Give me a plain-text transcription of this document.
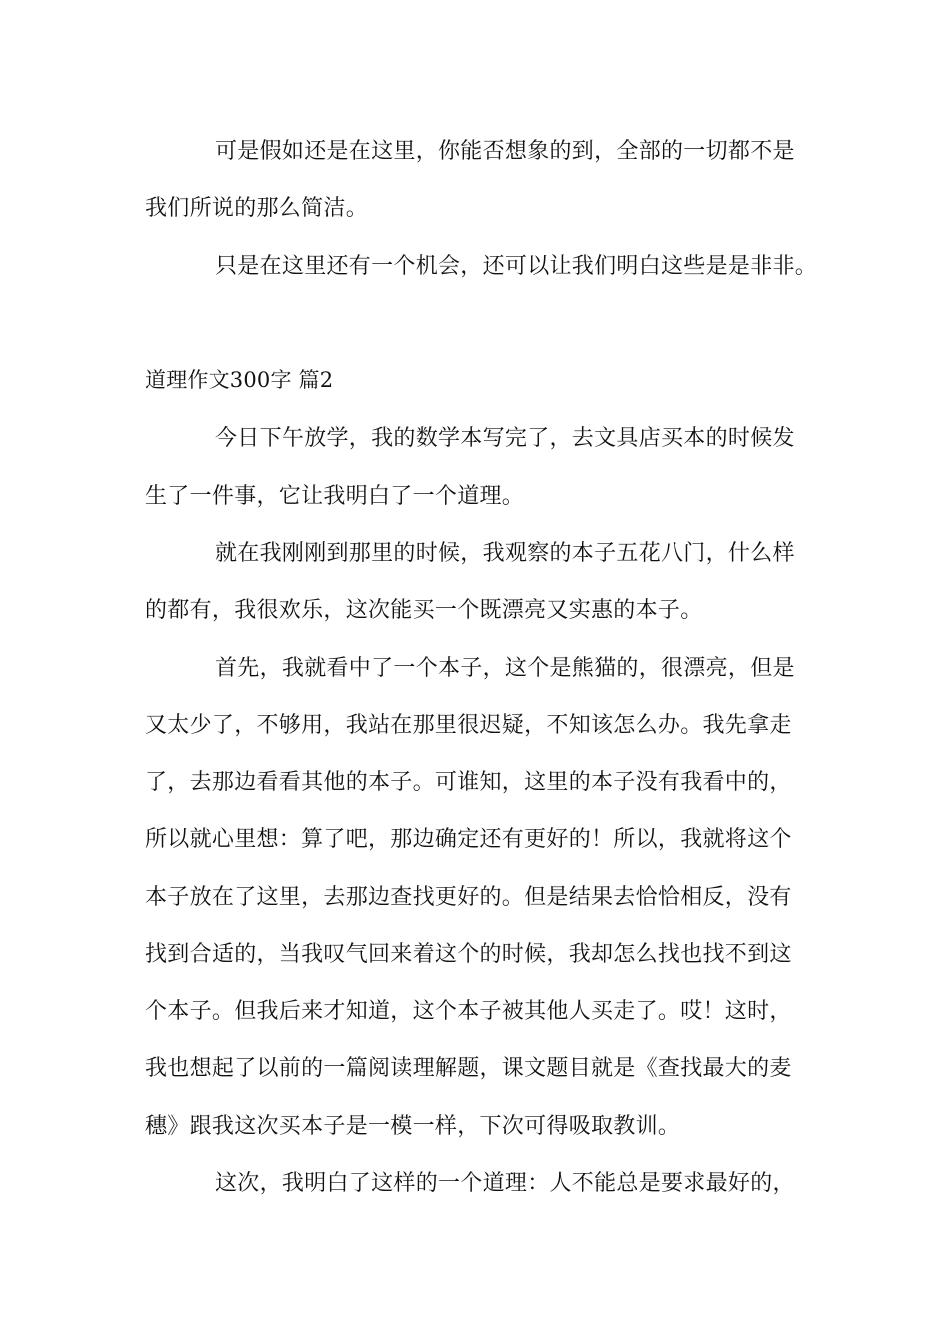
可是假如还是在这里，你能否想象的到，全部的一切都不是
我们所说的那么简洁。
只是在这里还有一个机会，还可以让我们明白这些是是非非。
道理作文300字 篇2
今日下午放学，我的数学本写完了，去文具店买本的时候发
生了一件事，它让我明白了一个道理。
就在我刚刚到那里的时候，我观察的本子五花八门，什么样
的都有，我很欢乐，这次能买一个既漂亮又实惠的本子。
首先，我就看中了一个本子，这个是熊猫的，很漂亮，但是
又太少了，不够用，我站在那里很迟疑，不知该怎么办。我先拿走
了，去那边看看其他的本子。可谁知，这里的本子没有我看中的，
所以就心里想：算了吧，那边确定还有更好的！所以，我就将这个
本子放在了这里，去那边查找更好的。但是结果去恰恰相反，没有
找到合适的，当我叹气回来着这个的时候，我却怎么找也找不到这
个本子。但我后来才知道，这个本子被其他人买走了。哎！这时，
我也想起了以前的一篇阅读理解题，课文题目就是《查找最大的麦
穗》跟我这次买本子是一模一样，下次可得吸取教训。
这次，我明白了这样的一个道理：人不能总是要求最好的，
